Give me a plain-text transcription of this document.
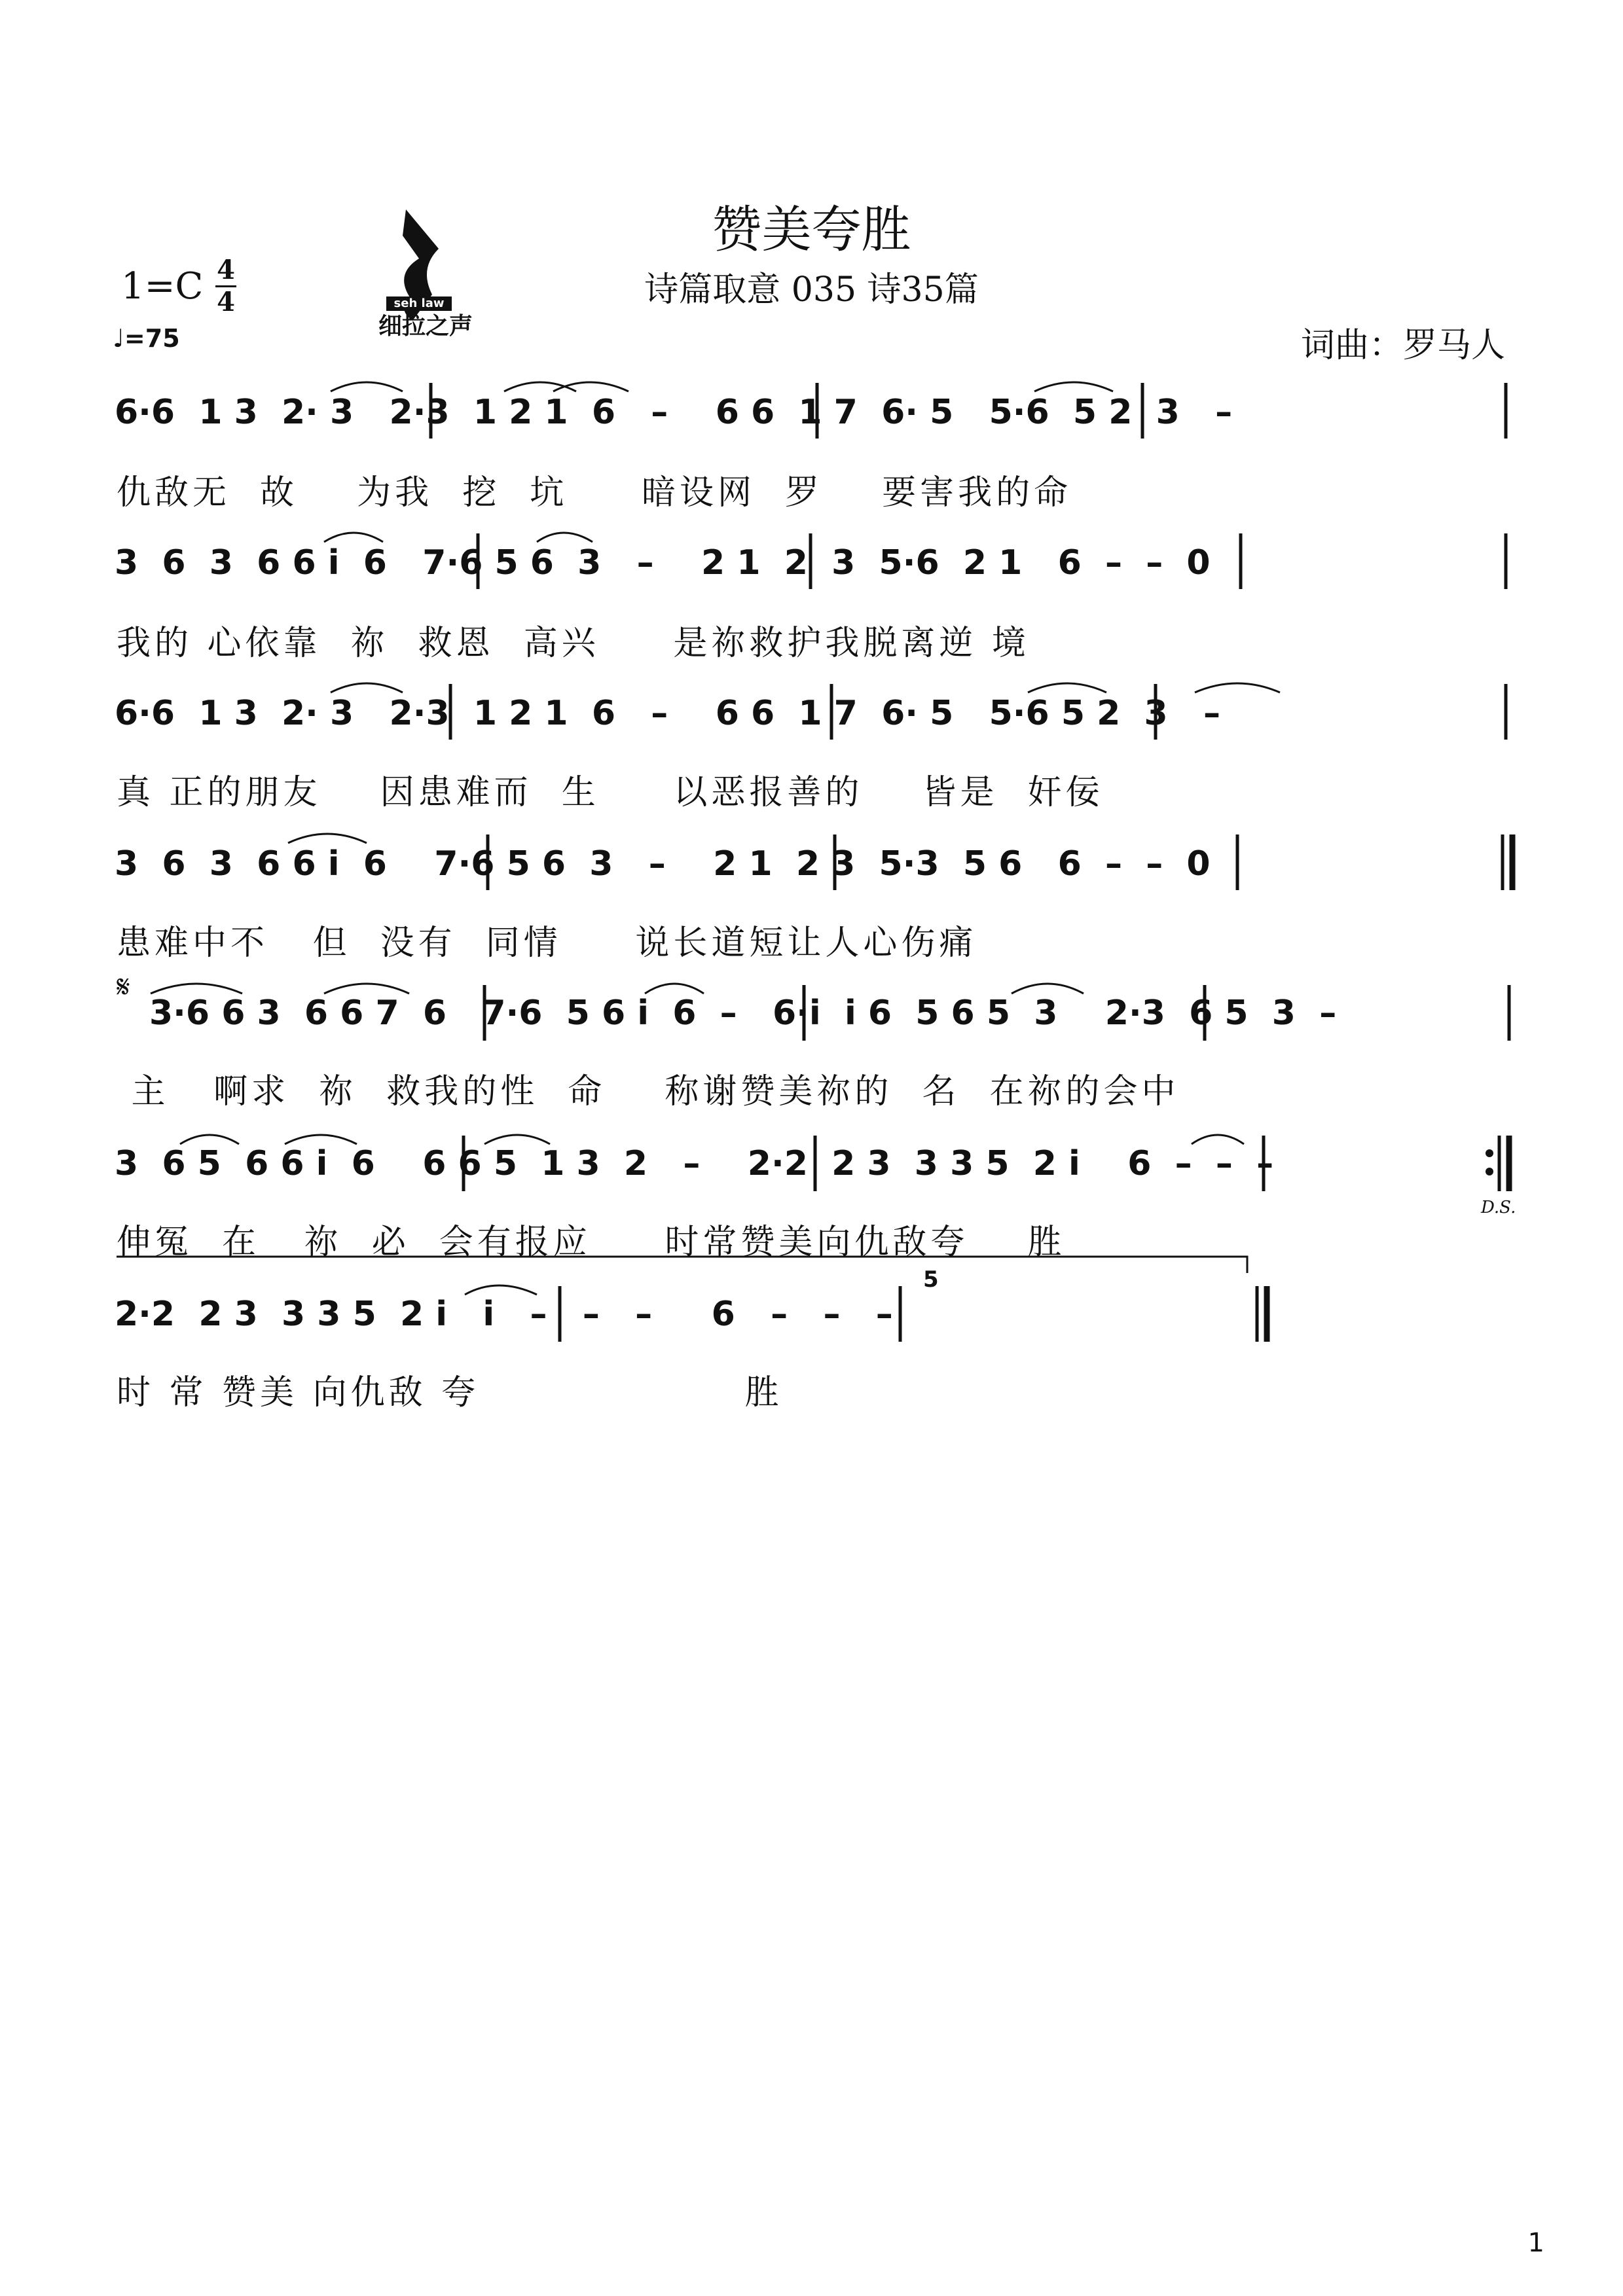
赞美夸胜
诗篇取意 035 诗35篇
1=C 4
4
♩=75	词曲：罗马人
seh law
细拉之声
6·6  1 3  2· 3   2·3  1 2 1  6   –    6 6  1 7  6· 5   5·6  5 2  3   –
仇敌无  故    为我  挖  坑     暗设网  罗    要害我的命
3  6  3  6 6 i  6   7·6 5 6  3   –    2 1  2  3  5·6  2 1   6  –  –  0
我的 心依靠  祢  救恩  高兴     是祢救护我脱离逆 境
6·6  1 3  2· 3   2·3  1 2 1  6   –    6 6  1 7  6· 5   5·6 5 2  3   –
真 正的朋友    因患难而  生     以恶报善的    皆是  奸佞
3  6  3  6 6 i  6    7·6 5 6  3   –    2 1  2 3  5·3  5 6   6  –  –  0
患难中不   但  没有  同情     说长道短让人心伤痛
𝄋
3·6 6 3  6 6 7  6   7·6  5 6 i  6  –   6·i  i 6  5 6 5  3    2·3  6 5  3  –
主   啊求  祢  救我的性  命    称谢赞美祢的  名  在祢的会中
3  6 5  6 6 i  6    6 6 5  1 3  2   –    2·2  2 3  3 3 5  2 i    6  –  –  –
伸冤  在   祢  必  会有报应     时常赞美向仇敌夸    胜
D.S.
2·2  2 3  3 3 5  2 i   i   –   –   –     6   –   –   –
时 常 赞美 向仇敌 夸                  胜
5
1
